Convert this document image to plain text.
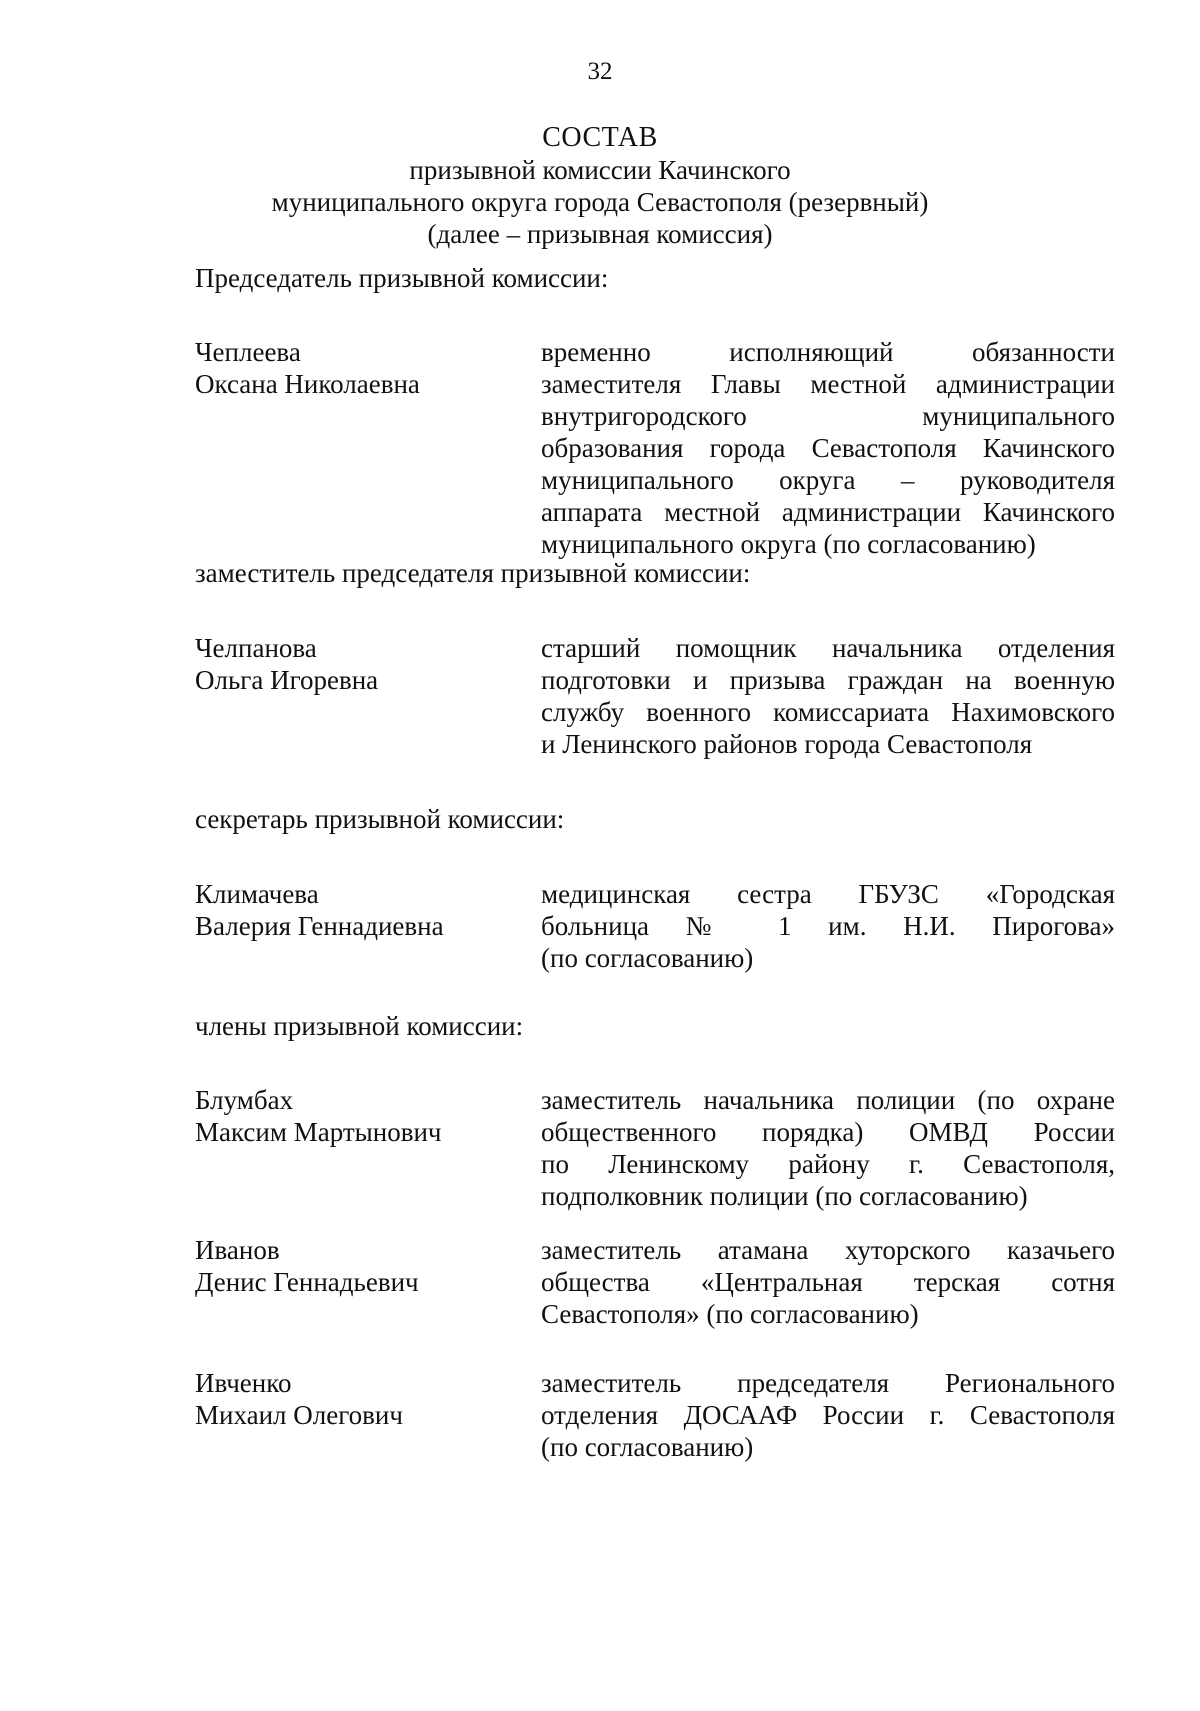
32
СОСТАВ
призывной комиссии Качинского
муниципального округа города Севастополя (резервный)
(далее – призывная комиссия)
Председатель призывной комиссии:
Чеплеева
Оксана Николаевна
временно исполняющий обязанности
заместителя Главы местной администрации
внутригородского муниципального
образования города Севастополя Качинского
муниципального округа – руководителя
аппарата местной администрации Качинского
муниципального округа (по согласованию)
заместитель председателя призывной комиссии:
Челпанова
Ольга Игоревна
старший помощник начальника отделения
подготовки и призыва граждан на военную
службу военного комиссариата Нахимовского
и Ленинского районов города Севастополя
секретарь призывной комиссии:
Климачева
Валерия Геннадиевна
медицинская сестра ГБУЗС «Городская
больница № 1 им. Н.И. Пирогова»
(по согласованию)
члены призывной комиссии:
Блумбах
Максим Мартынович
заместитель начальника полиции (по охране
общественного порядка) ОМВД России
по Ленинскому району г. Севастополя,
подполковник полиции (по согласованию)
Иванов
Денис Геннадьевич
заместитель атамана хуторского казачьего
общества «Центральная терская сотня
Севастополя» (по согласованию)
Ивченко
Михаил Олегович
заместитель председателя Регионального
отделения ДОСААФ России г. Севастополя
(по согласованию)
